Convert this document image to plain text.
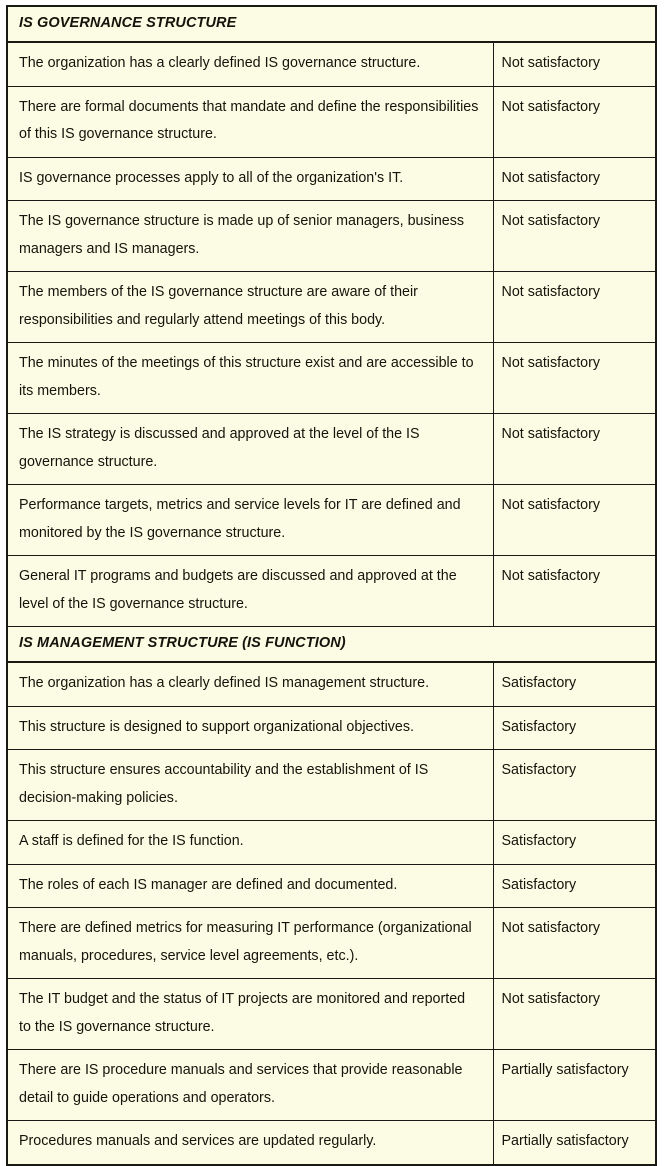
IS GOVERNANCE STRUCTURE	
The organization has a clearly defined IS governance structure.	Not satisfactory
There are formal documents that mandate and define the responsibilities of this IS governance structure.	Not satisfactory
IS governance processes apply to all of the organization's IT.	Not satisfactory
The IS governance structure is made up of senior managers, business managers and IS managers.	Not satisfactory
The members of the IS governance structure are aware of their responsibilities and regularly attend meetings of this body.	Not satisfactory
The minutes of the meetings of this structure exist and are accessible to its members.	Not satisfactory
The IS strategy is discussed and approved at the level of the IS governance structure.	Not satisfactory
Performance targets, metrics and service levels for IT are defined and monitored by the IS governance structure.	Not satisfactory
General IT programs and budgets are discussed and approved at the level of the IS governance structure.	Not satisfactory
IS MANAGEMENT STRUCTURE (IS FUNCTION)	
The organization has a clearly defined IS management structure.	Satisfactory
This structure is designed to support organizational objectives.	Satisfactory
This structure ensures accountability and the establishment of IS decision-making policies.	Satisfactory
A staff is defined for the IS function.	Satisfactory
The roles of each IS manager are defined and documented.	Satisfactory
There are defined metrics for measuring IT performance (organizational manuals, procedures, service level agreements, etc.).	Not satisfactory
The IT budget and the status of IT projects are monitored and reported to the IS governance structure.	Not satisfactory
There are IS procedure manuals and services that provide reasonable detail to guide operations and operators.	Partially satisfactory
Procedures manuals and services are updated regularly.	Partially satisfactory
